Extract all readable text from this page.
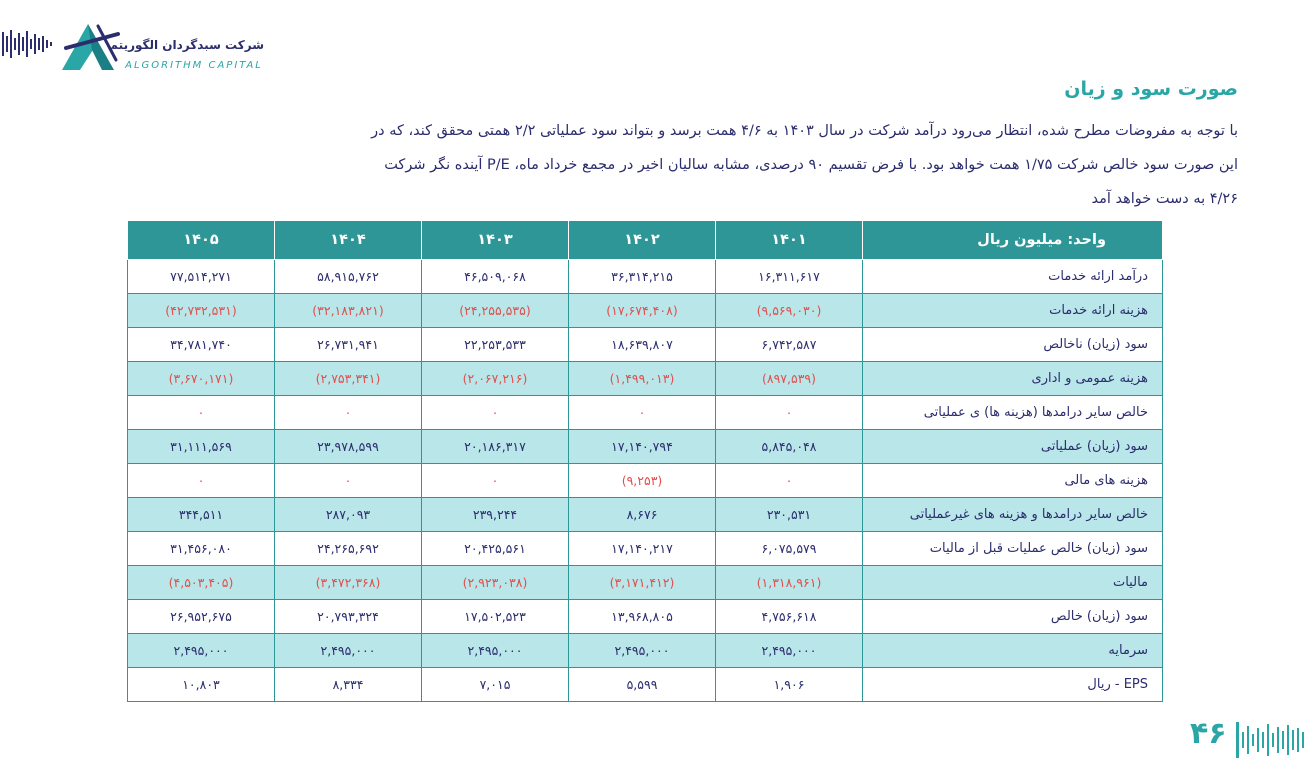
شرکت سبدگردان الگوریتم
ALGORITHM CAPITAL
صورت سود و زیان
با توجه به مفروضات مطرح شده، انتظار می‌رود درآمد شرکت در سال ۱۴۰۳ به ۴/۶ همت برسد و بتواند سود عملیاتی ۲/۲ همتی محقق کند، که در
این صورت سود خالص شرکت ۱/۷۵ همت خواهد بود. با فرض تقسیم ۹۰ درصدی، مشابه سالیان اخیر در مجمع خرداد ماه، P/E آینده نگر شرکت
۴/۲۶ به دست خواهد آمد
واحد: میلیون ریال	۱۴۰۱	۱۴۰۲	۱۴۰۳	۱۴۰۴	۱۴۰۵
درآمد ارائه خدمات	۱۶,۳۱۱,۶۱۷	۳۶,۳۱۴,۲۱۵	۴۶,۵۰۹,۰۶۸	۵۸,۹۱۵,۷۶۲	۷۷,۵۱۴,۲۷۱
هزینه ارائه خدمات	(۹,۵۶۹,۰۳۰)	(۱۷,۶۷۴,۴۰۸)	(۲۴,۲۵۵,۵۳۵)	(۳۲,۱۸۳,۸۲۱)	(۴۲,۷۳۲,۵۳۱)
سود (زیان) ناخالص	۶,۷۴۲,۵۸۷	۱۸,۶۳۹,۸۰۷	۲۲,۲۵۳,۵۳۳	۲۶,۷۳۱,۹۴۱	۳۴,۷۸۱,۷۴۰
هزینه عمومی و اداری	(۸۹۷,۵۳۹)	(۱,۴۹۹,۰۱۳)	(۲,۰۶۷,۲۱۶)	(۲,۷۵۳,۳۴۱)	(۳,۶۷۰,۱۷۱)
خالص سایر درامدها (هزینه ها) ی عملیاتی	۰	۰	۰	۰	۰
سود (زیان) عملیاتی	۵,۸۴۵,۰۴۸	۱۷,۱۴۰,۷۹۴	۲۰,۱۸۶,۳۱۷	۲۳,۹۷۸,۵۹۹	۳۱,۱۱۱,۵۶۹
هزینه های مالی	۰	(۹,۲۵۳)	۰	۰	۰
خالص سایر درامدها و هزینه های غیرعملیاتی	۲۳۰,۵۳۱	۸,۶۷۶	۲۳۹,۲۴۴	۲۸۷,۰۹۳	۳۴۴,۵۱۱
سود (زیان) خالص عملیات قبل از مالیات	۶,۰۷۵,۵۷۹	۱۷,۱۴۰,۲۱۷	۲۰,۴۲۵,۵۶۱	۲۴,۲۶۵,۶۹۲	۳۱,۴۵۶,۰۸۰
مالیات	(۱,۳۱۸,۹۶۱)	(۳,۱۷۱,۴۱۲)	(۲,۹۲۳,۰۳۸)	(۳,۴۷۲,۳۶۸)	(۴,۵۰۳,۴۰۵)
سود (زیان) خالص	۴,۷۵۶,۶۱۸	۱۳,۹۶۸,۸۰۵	۱۷,۵۰۲,۵۲۳	۲۰,۷۹۳,۳۲۴	۲۶,۹۵۲,۶۷۵
سرمایه	۲,۴۹۵,۰۰۰	۲,۴۹۵,۰۰۰	۲,۴۹۵,۰۰۰	۲,۴۹۵,۰۰۰	۲,۴۹۵,۰۰۰
EPS - ریال	۱,۹۰۶	۵,۵۹۹	۷,۰۱۵	۸,۳۳۴	۱۰,۸۰۳
۴۶
